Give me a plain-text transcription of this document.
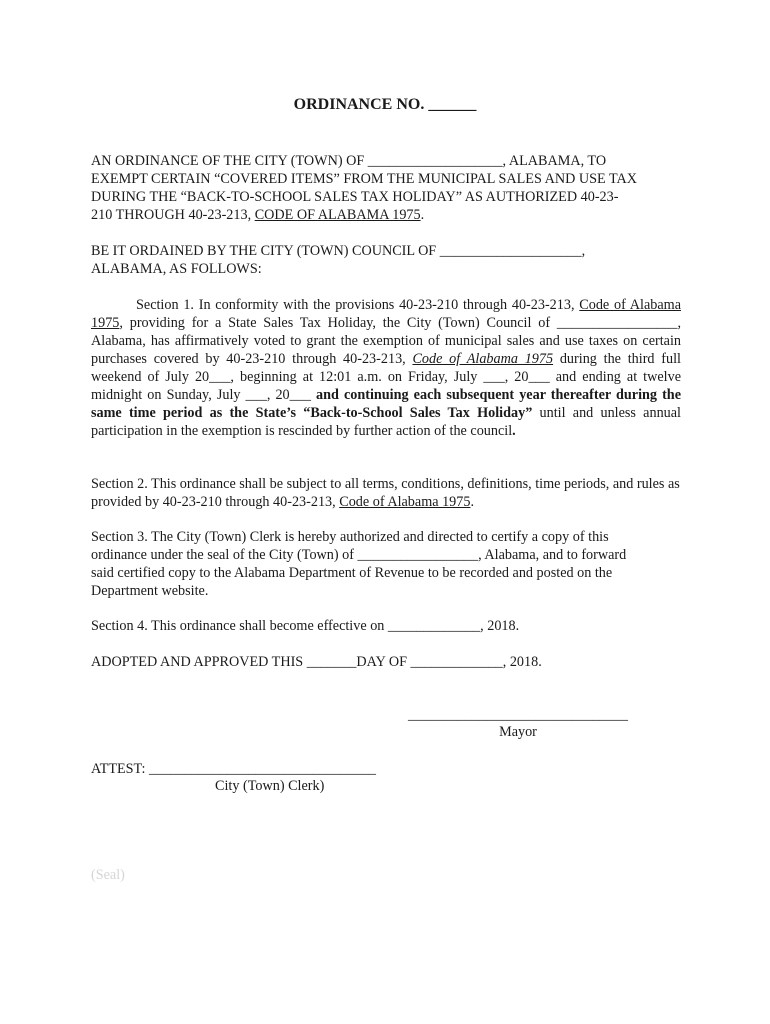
ORDINANCE NO. ______
AN ORDINANCE OF THE CITY (TOWN) OF ___________________, ALABAMA, TO
EXEMPT CERTAIN “COVERED ITEMS” FROM THE MUNICIPAL SALES AND USE TAX
DURING THE “BACK-TO-SCHOOL SALES TAX HOLIDAY” AS AUTHORIZED 40-23-
210 THROUGH 40-23-213, CODE OF ALABAMA 1975.
BE IT ORDAINED BY THE CITY (TOWN) COUNCIL OF ____________________,
ALABAMA, AS FOLLOWS:
Section 1. In conformity with the provisions 40-23-210 through 40-23-213, Code of Alabama 1975, providing for a State Sales Tax Holiday, the City (Town) Council of _________________, Alabama, has affirmatively voted to grant the exemption of municipal sales and use taxes on certain purchases covered by 40-23-210 through 40-23-213, Code of Alabama 1975 during the third full weekend of July 20___, beginning at 12:01 a.m. on Friday, July ___, 20___ and ending at twelve midnight on Sunday, July ___, 20___ and continuing each subsequent year thereafter during the same time period as the State’s “Back-to-School Sales Tax Holiday” until and unless annual participation in the exemption is rescinded by further action of the council.
Section 2. This ordinance shall be subject to all terms, conditions, definitions, time periods, and rules as provided by 40-23-210 through 40-23-213, Code of Alabama 1975.
Section 3. The City (Town) Clerk is hereby authorized and directed to certify a copy of this
ordinance under the seal of the City (Town) of _________________, Alabama, and to forward
said certified copy to the Alabama Department of Revenue to be recorded and posted on the
Department website.
Section 4. This ordinance shall become effective on _____________, 2018.
ADOPTED AND APPROVED THIS _______DAY OF _____________, 2018.
_______________________________
Mayor
ATTEST: ________________________________
City (Town) Clerk)
(Seal)
